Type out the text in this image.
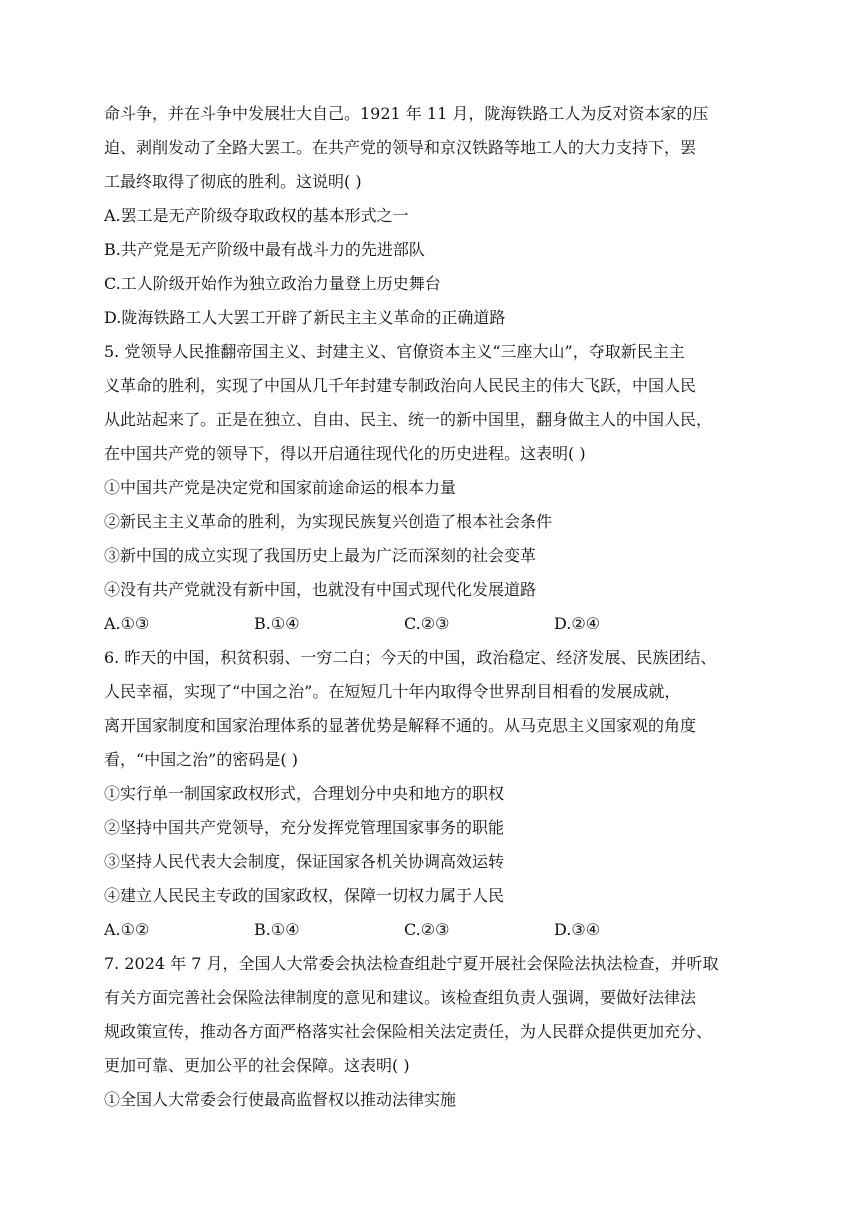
命斗争，并在斗争中发展壮大自己。1921 年 11 月，陇海铁路工人为反对资本家的压
迫、剥削发动了全路大罢工。在共产党的领导和京汉铁路等地工人的大力支持下，罢
工最终取得了彻底的胜利。这说明( )
A.罢工是无产阶级夺取政权的基本形式之一
B.共产党是无产阶级中最有战斗力的先进部队
C.工人阶级开始作为独立政治力量登上历史舞台
D.陇海铁路工人大罢工开辟了新民主主义革命的正确道路
5. 党领导人民推翻帝国主义、封建主义、官僚资本主义“三座大山”，夺取新民主主
义革命的胜利，实现了中国从几千年封建专制政治向人民民主的伟大飞跃，中国人民
从此站起来了。正是在独立、自由、民主、统一的新中国里，翻身做主人的中国人民，
在中国共产党的领导下，得以开启通往现代化的历史进程。这表明( )
①中国共产党是决定党和国家前途命运的根本力量
②新民主主义革命的胜利，为实现民族复兴创造了根本社会条件
③新中国的成立实现了我国历史上最为广泛而深刻的社会变革
④没有共产党就没有新中国，也就没有中国式现代化发展道路
A.①③	B.①④	C.②③	D.②④
6. 昨天的中国，积贫积弱、一穷二白；今天的中国，政治稳定、经济发展、民族团结、
人民幸福，实现了“中国之治”。在短短几十年内取得令世界刮目相看的发展成就，
离开国家制度和国家治理体系的显著优势是解释不通的。从马克思主义国家观的角度
看，“中国之治”的密码是( )
①实行单一制国家政权形式，合理划分中央和地方的职权
②坚持中国共产党领导，充分发挥党管理国家事务的职能
③坚持人民代表大会制度，保证国家各机关协调高效运转
④建立人民民主专政的国家政权，保障一切权力属于人民
A.①②	B.①④	C.②③	D.③④
7. 2024 年 7 月，全国人大常委会执法检查组赴宁夏开展社会保险法执法检查，并听取
有关方面完善社会保险法律制度的意见和建议。该检查组负责人强调，要做好法律法
规政策宣传，推动各方面严格落实社会保险相关法定责任，为人民群众提供更加充分、
更加可靠、更加公平的社会保障。这表明( )
①全国人大常委会行使最高监督权以推动法律实施
